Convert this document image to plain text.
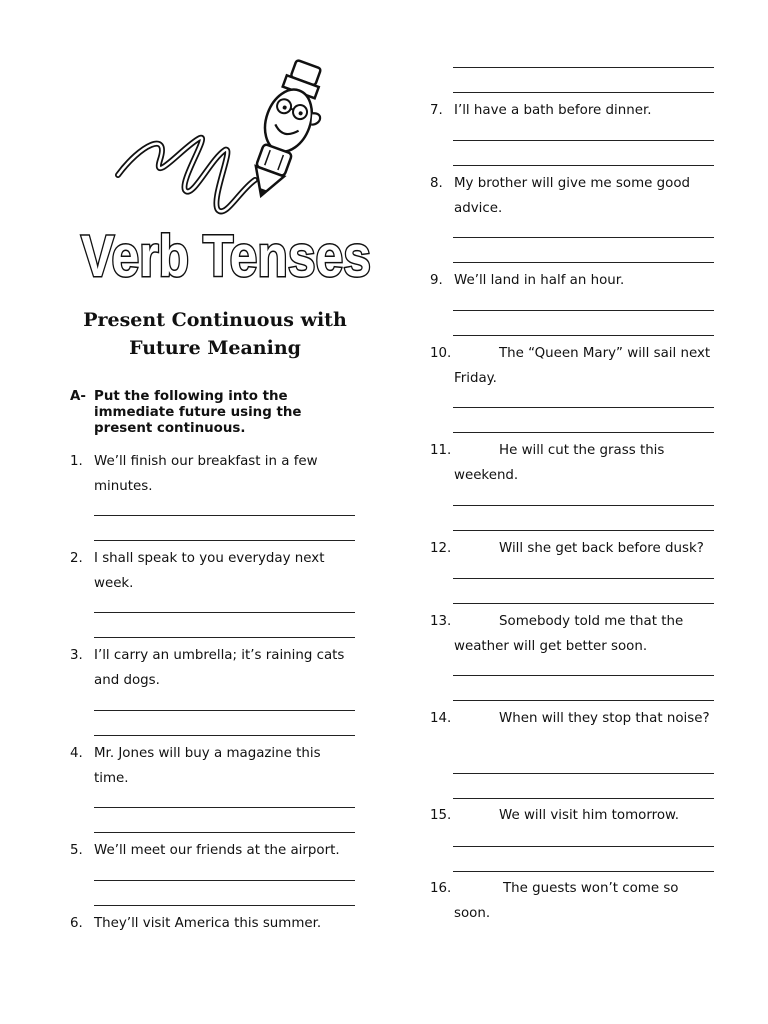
Verb Tenses
Present Continuous with
Future Meaning
A- Put the following into the immediate future using the present continuous.
1. We’ll finish our breakfast in a few minutes.
2. I shall speak to you everyday next week.
3. I’ll carry an umbrella; it’s raining cats and dogs.
4. Mr. Jones will buy a magazine this time.
5. We’ll meet our friends at the airport.
6. They’ll visit America this summer.
7. I’ll have a bath before dinner.
8. My brother will give me some good advice.
9. We’ll land in half an hour.
10.	The “Queen Mary” will sail next Friday.
11.	He will cut the grass this weekend.
12.	Will she get back before dusk?
13.	Somebody told me that the weather will get better soon.
14.	When will they stop that noise?
15.	We will visit him tomorrow.
16.	The guests won’t come so soon.
